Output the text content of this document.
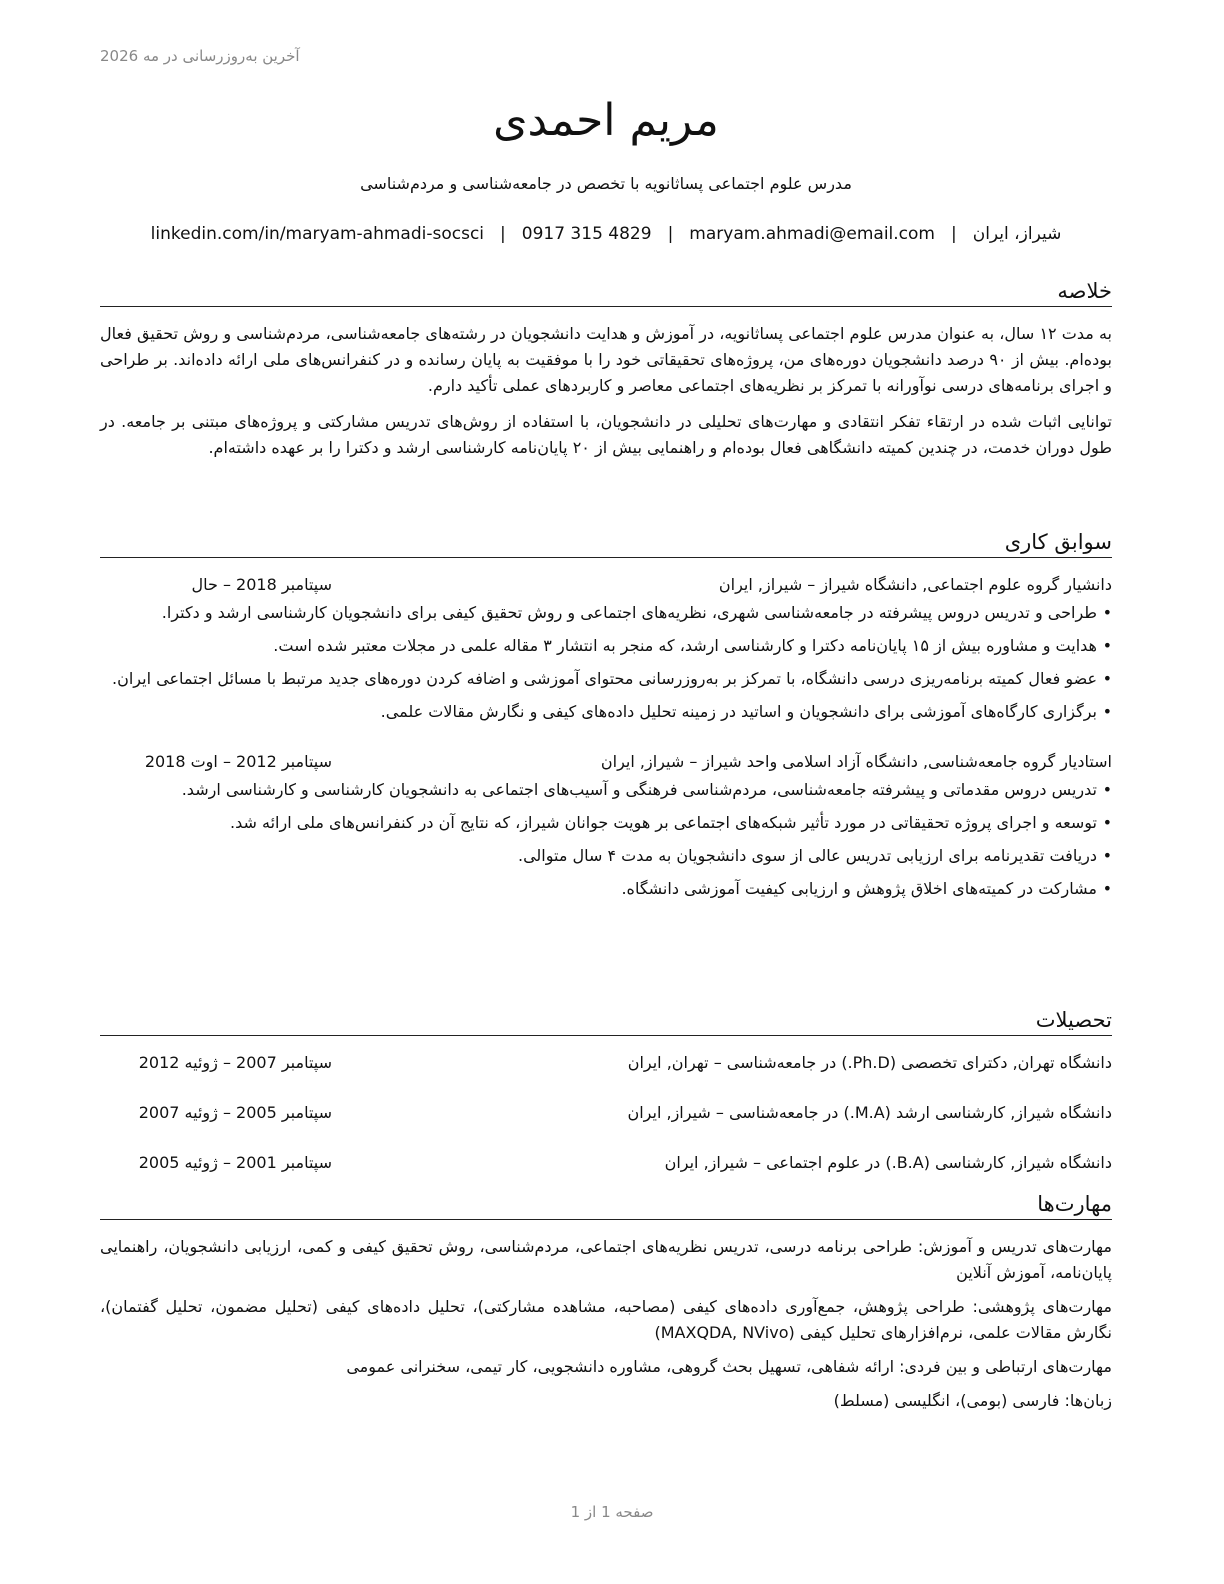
آخرین به‌روزرسانی در مه 2026
مریم احمدی
مدرس علوم اجتماعی پساثانویه با تخصص در جامعه‌شناسی و مردم‌شناسی
شیراز، ایران
|
maryam.ahmadi@email.com
|
0917 315 4829
|
linkedin.com/in/maryam-ahmadi-socsci
خلاصه

به مدت ۱۲ سال، به عنوان مدرس علوم اجتماعی پساثانویه، در آموزش و هدایت دانشجویان در رشته‌های جامعه‌شناسی، مردم‌شناسی و روش تحقیق فعال بوده‌ام. بیش از ۹۰ درصد دانشجویان دوره‌های من، پروژه‌های تحقیقاتی خود را با موفقیت به پایان رسانده و در کنفرانس‌های ملی ارائه داده‌اند. بر طراحی و اجرای برنامه‌های درسی نوآورانه با تمرکز بر نظریه‌های اجتماعی معاصر و کاربردهای عملی تأکید دارم.

توانایی اثبات شده در ارتقاء تفکر انتقادی و مهارت‌های تحلیلی در دانشجویان، با استفاده از روش‌های تدریس مشارکتی و پروژه‌های مبتنی بر جامعه. در طول دوران خدمت، در چندین کمیته دانشگاهی فعال بوده‌ام و راهنمایی بیش از ۲۰ پایان‌نامه کارشناسی ارشد و دکترا را بر عهده داشته‌ام.

سوابق کاری
دانشیار گروه علوم اجتماعی, دانشگاه شیراز – شیراز, ایران
سپتامبر 2018 – حال
• طراحی و تدریس دروس پیشرفته در جامعه‌شناسی شهری، نظریه‌های اجتماعی و روش تحقیق کیفی برای دانشجویان کارشناسی ارشد و دکترا.
• هدایت و مشاوره بیش از ۱۵ پایان‌نامه دکترا و کارشناسی ارشد، که منجر به انتشار ۳ مقاله علمی در مجلات معتبر شده است.
• عضو فعال کمیته برنامه‌ریزی درسی دانشگاه، با تمرکز بر به‌روزرسانی محتوای آموزشی و اضافه کردن دوره‌های جدید مرتبط با مسائل اجتماعی ایران.
• برگزاری کارگاه‌های آموزشی برای دانشجویان و اساتید در زمینه تحلیل داده‌های کیفی و نگارش مقالات علمی.
استادیار گروه جامعه‌شناسی, دانشگاه آزاد اسلامی واحد شیراز – شیراز, ایران
سپتامبر 2012 – اوت 2018
• تدریس دروس مقدماتی و پیشرفته جامعه‌شناسی، مردم‌شناسی فرهنگی و آسیب‌های اجتماعی به دانشجویان کارشناسی و کارشناسی ارشد.
• توسعه و اجرای پروژه تحقیقاتی در مورد تأثیر شبکه‌های اجتماعی بر هویت جوانان شیراز، که نتایج آن در کنفرانس‌های ملی ارائه شد.
• دریافت تقدیرنامه برای ارزیابی تدریس عالی از سوی دانشجویان به مدت ۴ سال متوالی.
• مشارکت در کمیته‌های اخلاق پژوهش و ارزیابی کیفیت آموزشی دانشگاه.
تحصیلات
دانشگاه تهران, دکترای تخصصی (Ph.D.) در جامعه‌شناسی – تهران, ایران
سپتامبر 2007 – ژوئیه 2012
دانشگاه شیراز, کارشناسی ارشد (M.A.) در جامعه‌شناسی – شیراز, ایران
سپتامبر 2005 – ژوئیه 2007
دانشگاه شیراز, کارشناسی (B.A.) در علوم اجتماعی – شیراز, ایران
سپتامبر 2001 – ژوئیه 2005
مهارت‌ها

مهارت‌های تدریس و آموزش: طراحی برنامه درسی، تدریس نظریه‌های اجتماعی، مردم‌شناسی، روش تحقیق کیفی و کمی، ارزیابی دانشجویان، راهنمایی پایان‌نامه، آموزش آنلاین

مهارت‌های پژوهشی: طراحی پژوهش، جمع‌آوری داده‌های کیفی (مصاحبه، مشاهده مشارکتی)، تحلیل داده‌های کیفی (تحلیل مضمون، تحلیل گفتمان)، نگارش مقالات علمی، نرم‌افزارهای تحلیل کیفی (MAXQDA, NVivo)

مهارت‌های ارتباطی و بین فردی: ارائه شفاهی، تسهیل بحث گروهی، مشاوره دانشجویی، کار تیمی، سخنرانی عمومی

زبان‌ها: فارسی (بومی)، انگلیسی (مسلط)

صفحه 1 از 1
